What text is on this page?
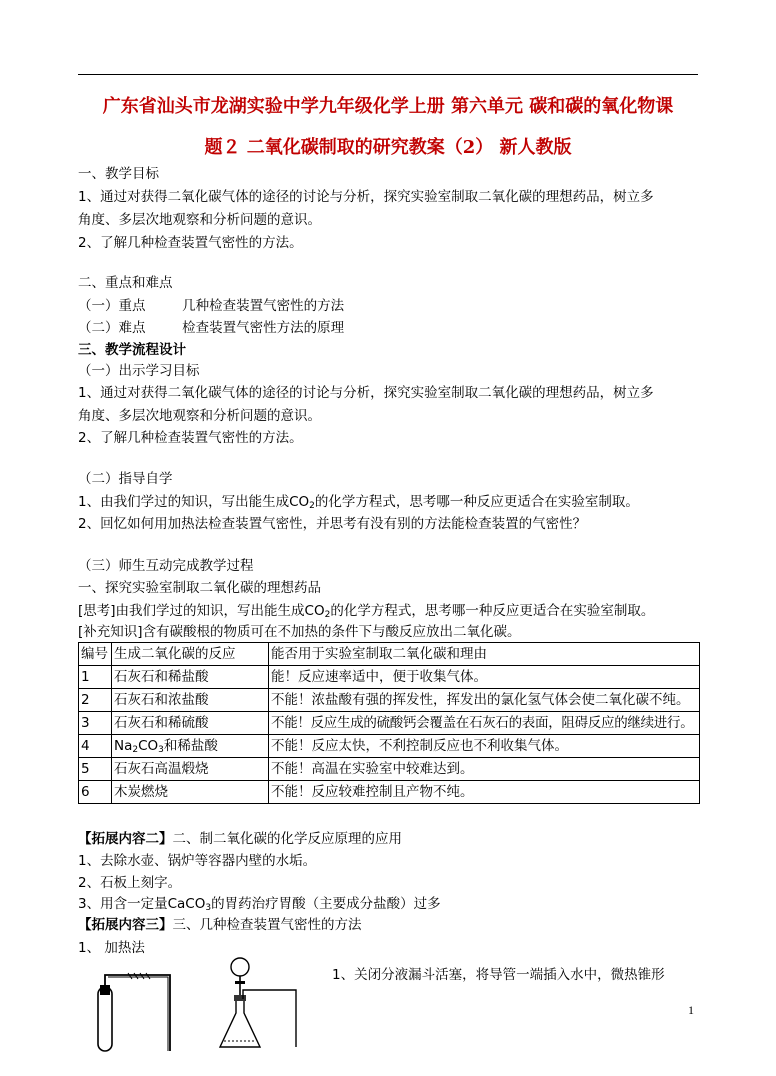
广东省汕头市龙湖实验中学九年级化学上册 第六单元 碳和碳的氧化物课
题２ 二氧化碳制取的研究教案（2） 新人教版
一、教学目标
1、通过对获得二氧化碳气体的途径的讨论与分析，探究实验室制取二氧化碳的理想药品，树立多
角度、多层次地观察和分析问题的意识。
2、了解几种检查装置气密性的方法。
二、重点和难点
（一）重点	几种检查装置气密性的方法
（二）难点	检查装置气密性方法的原理
三、教学流程设计
（一）出示学习目标
1、通过对获得二氧化碳气体的途径的讨论与分析，探究实验室制取二氧化碳的理想药品，树立多
角度、多层次地观察和分析问题的意识。
2、了解几种检查装置气密性的方法。
（二）指导自学
1、由我们学过的知识，写出能生成$CO_2$的化学方程式，思考哪一种反应更适合在实验室制取。
2、回忆如何用加热法检查装置气密性，并思考有没有别的方法能检查装置的气密性？
（三）师生互动完成教学过程
一、探究实验室制取二氧化碳的理想药品
[思考]由我们学过的知识，写出能生成$CO_2$的化学方程式，思考哪一种反应更适合在实验室制取。
[补充知识]含有碳酸根的物质可在不加热的条件下与酸反应放出二氧化碳。
编号	生成二氧化碳的反应	能否用于实验室制取二氧化碳和理由
1	石灰石和稀盐酸	能！反应速率适中，便于收集气体。
2	石灰石和浓盐酸	不能！浓盐酸有强的挥发性，挥发出的氯化氢气体会使二氧化碳不纯。
3	石灰石和稀硫酸	不能！反应生成的硫酸钙会覆盖在石灰石的表面，阻碍反应的继续进行。
4	$Na_2CO_3$和稀盐酸	不能！反应太快，不利控制反应也不利收集气体。
5	石灰石高温煅烧	不能！高温在实验室中较难达到。
6	木炭燃烧	不能！反应较难控制且产物不纯。
【拓展内容二】二、制二氧化碳的化学反应原理的应用
1、去除水壶、锅炉等容器内壁的水垢。
2、石板上刻字。
3、用含一定量CaCO$_3$的胃药治疗胃酸（主要成分盐酸）过多
【拓展内容三】三、几种检查装置气密性的方法
1、 加热法
1、关闭分液漏斗活塞，将导管一端插入水中，微热锥形
1
